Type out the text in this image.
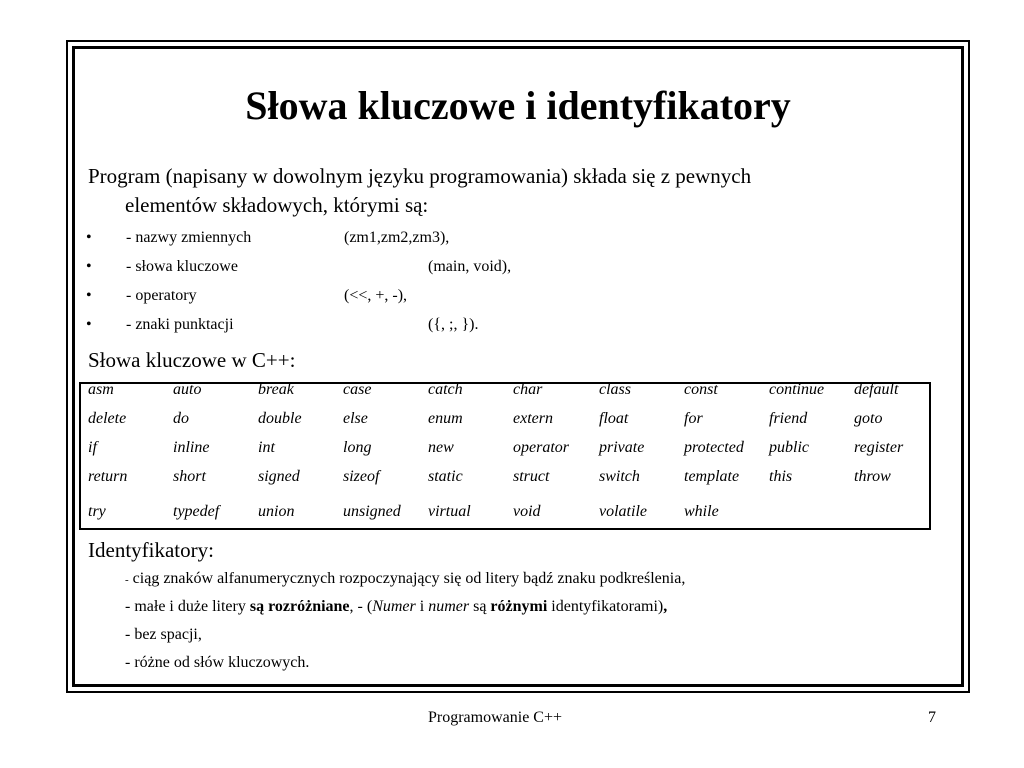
Słowa kluczowe i identyfikatory
Program (napisany w dowolnym języku programowania) składa się z pewnych
elementów składowych, którymi są:
• - nazwy zmiennych	(zm1,zm2,zm3),
• - słowa kluczowe	(main, void),
• - operatory	(<<, +, -),
• - znaki punktacji	({, ;, }).
Słowa kluczowe w C++:
asm	auto	break	case	catch	char	class	const	continue default
delete	do	double	else	enum	extern	float	for	friend	goto
if	inline	int	long	new	operator private protected public	register
return	short	signed	sizeof	static	struct	switch	template this	throw
try	typedef union	unsigned virtual	void	volatile while
Identyfikatory:
- ciąg znaków alfanumerycznych rozpoczynający się od litery bądź znaku podkreślenia,
- małe i duże litery są rozróżniane, - (Numer i numer są różnymi identyfikatorami),
- bez spacji,
- różne od słów kluczowych.
Programowanie C++	7
